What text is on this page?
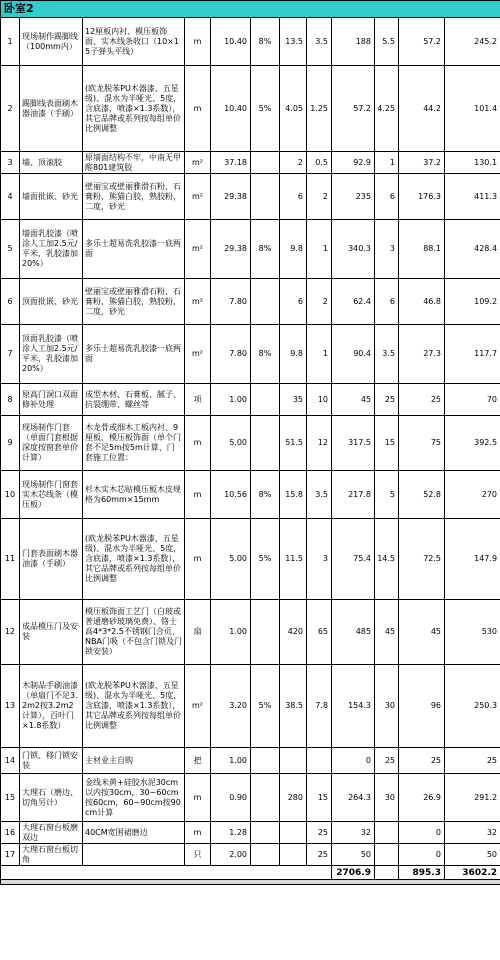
卧室2											
1	现场制作踢脚线（100mm内）	12厘板内衬、模压板饰面、实木线条收口（10×15子弹头平线）	m	10.40	8%	13.5	3.5	188	5.5	57.2	245.2
2	踢脚线表面刷木器油漆（手刷）	(欧龙脱苯PU木器漆、五星级)、混水为半哑光、5度，含底漆，喷漆×1.3系数），其它品牌或系列按每组单价比例调整	m	10.40	5%	4.05	1.25	57.2	4.25	44.2	101.4
3	墙、顶滚胶	原墙面结构不牢，中南无甲醛801建筑胶	m²	37.18		2	0.5	92.9	1	37.2	130.1
4	墙面批嵌、砂光	壁丽宝或壁丽雅滑石粉、石膏粉，熊猫白胶，熟胶粉，二度，砂光	m²	29.38		6	2	235	6	176.3	411.3
5	墙面乳胶漆（喷涂人工加2.5元/平米，乳胶漆加20%）	多乐士超易洗乳胶漆一底两面	m²	29.38	8%	9.8	1	340.3	3	88.1	428.4
6	顶面批嵌、砂光	壁丽宝或壁丽雅滑石粉、石膏粉，熊猫白胶，熟胶粉，二度，砂光	m²	7.80		6	2	62.4	6	46.8	109.2
7	顶面乳胶漆（喷涂人工加2.5元/平米，乳胶漆加20%）	多乐士超易洗乳胶漆一底两面	m²	7.80	8%	9.8	1	90.4	3.5	27.3	117.7
8	原高门洞口双面修补处理	成型木材、石膏板、腻子、抗裂绷带、螺丝等	项	1.00		35	10	45	25	25	70
9	现场制作门套（单面门套根据深度按窗套单价计算）	木龙骨或细木工板内衬、9厘板、模压板饰面（单个门套不足5m按5m计算、门套施工位置：	m	5.00		51.5	12	317.5	15	75	392.5
10	现场制作门窗套实木芯线条（模压板）	杉木实木芯贴模压板木皮规格为60mm×15mm	m	10.56	8%	15.8	3.5	217.8	5	52.8	270
11	门套表面刷木器油漆（手刷）	(欧龙脱苯PU木器漆、五星级)、混水为半哑光、5度，含底漆，喷漆×1.3系数），其它品牌或系列按每组单价比例调整	m	5.00	5%	11.5	3	75.4	14.5	72.5	147.9
12	成品模压门及安装	模压板饰面工艺门（白玻或普通磨砂玻璃免费）、铬士高4*3*2.5不锈钢门合页、NBA门吸（不包含门锁及门锁安装）	扇	1.00		420	65	485	45	45	530
13	木制品手刷油漆（单扇门不足3.2m2按3.2m2计算），百叶门×1.8系数）	(欧龙脱苯PU木器漆、五星级)、混水为半哑光、5度，含底漆，喷漆×1.3系数），其它品牌或系列按每组单价比例调整	m²	3.20	5%	38.5	7.8	154.3	30	96	250.3
14	门锁、移门锁安装	主材业主自购	把	1.00				0	25	25	25
15	大理石（磨边、切角另计）	金线米黄+硅胶水泥30cm以内按30cm，30~60cm按60cm，60~90cm按90cm计算	m	0.90		280	15	264.3	30	26.9	291.2
16	大理石窗台板磨双边	40CM宽围裙磨边	m	1.28			25	32		0	32
17	大理石窗台板切角		只	2.00			25	50		0	50
								2706.9		895.3	3602.2
